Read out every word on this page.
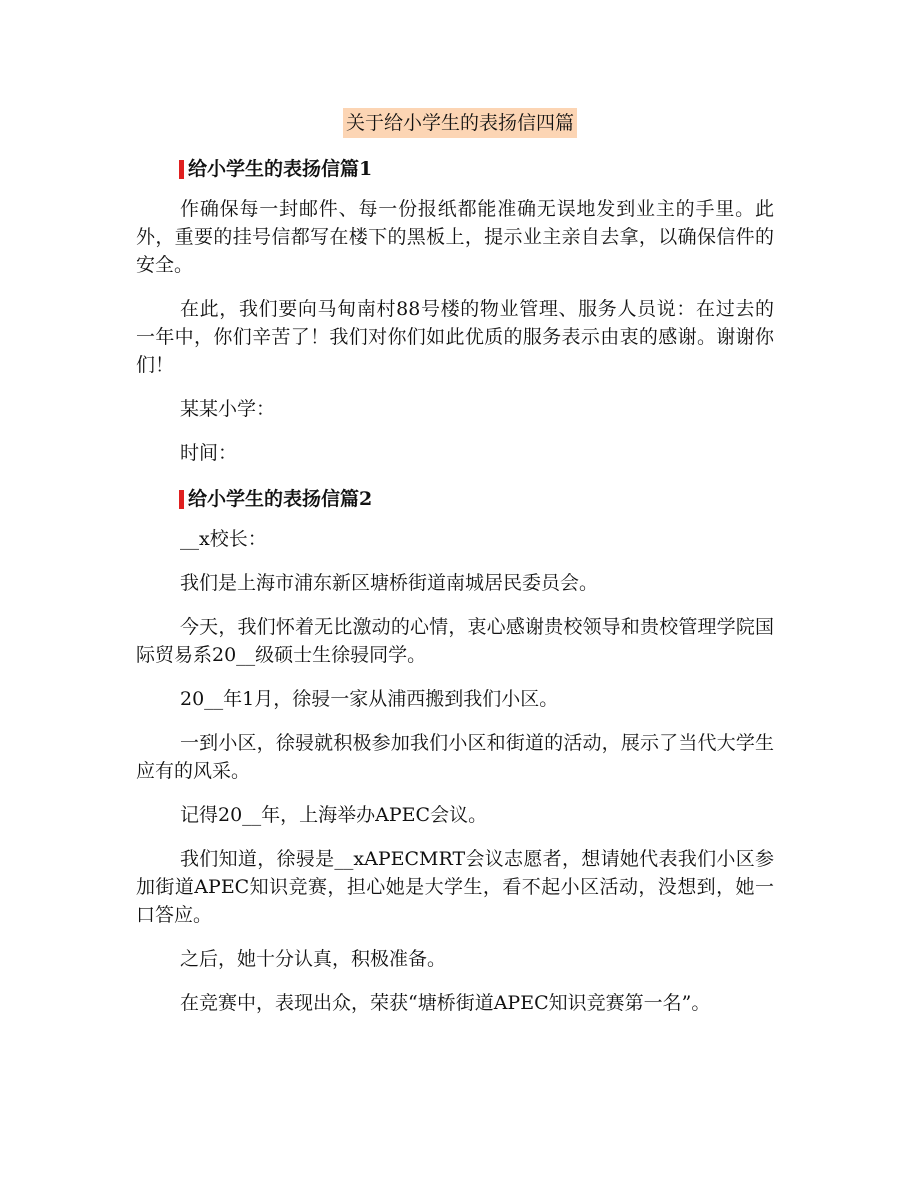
关于给小学生的表扬信四篇
给小学生的表扬信篇1

作确保每一封邮件、每一份报纸都能准确无误地发到业主的手里。此外，重要的挂号信都写在楼下的黑板上，提示业主亲自去拿，以确保信件的安全。

在此，我们要向马甸南村88号楼的物业管理、服务人员说：在过去的一年中，你们辛苦了！我们对你们如此优质的服务表示由衷的感谢。谢谢你们！

某某小学：

时间：

给小学生的表扬信篇2

__x校长：

我们是上海市浦东新区塘桥街道南城居民委员会。

今天，我们怀着无比激动的心情，衷心感谢贵校领导和贵校管理学院国际贸易系20__级硕士生徐骎同学。

20__年1月，徐骎一家从浦西搬到我们小区。

一到小区，徐骎就积极参加我们小区和街道的活动，展示了当代大学生应有的风采。

记得20__年，上海举办APEC会议。

我们知道，徐骎是__xAPECMRT会议志愿者，想请她代表我们小区参加街道APEC知识竞赛，担心她是大学生，看不起小区活动，没想到，她一口答应。

之后，她十分认真，积极准备。

在竞赛中，表现出众，荣获“塘桥街道APEC知识竞赛第一名”。
